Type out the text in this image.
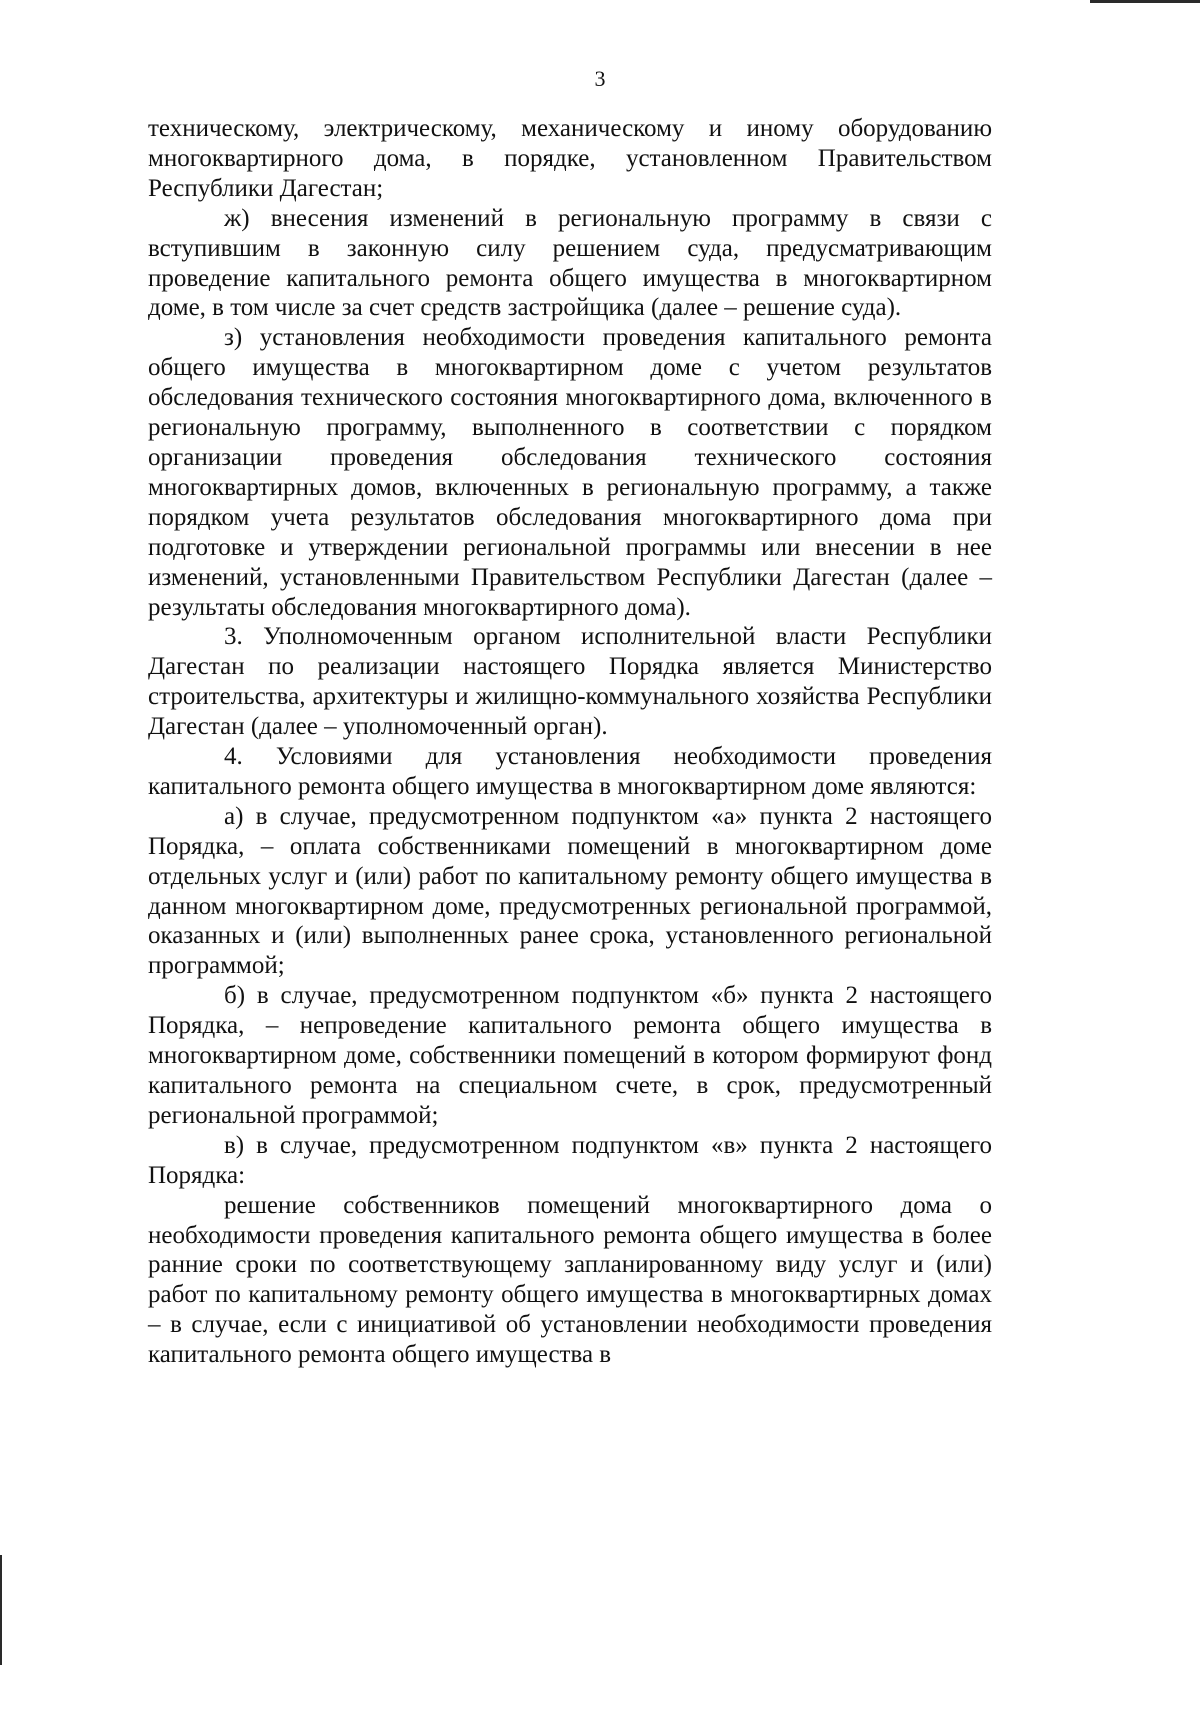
3

техническому, электрическому, механическому и иному оборудованию многоквартирного дома, в порядке, установленном Правительством Республики Дагестан;

ж) внесения изменений в региональную программу в связи с вступившим в законную силу решением суда, предусматривающим проведение капитального ремонта общего имущества в многоквартирном доме, в том числе за счет средств застройщика (далее – решение суда).

з) установления необходимости проведения капитального ремонта общего имущества в многоквартирном доме с учетом результатов обследования технического состояния многоквартирного дома, включенного в региональную программу, выполненного в соответствии с порядком организации проведения обследования технического состояния многоквартирных домов, включенных в региональную программу, а также порядком учета результатов обследования многоквартирного дома при подготовке и утверждении региональной программы или внесении в нее изменений, установленными Правительством Республики Дагестан (далее – результаты обследования многоквартирного дома).

3. Уполномоченным органом исполнительной власти Республики Дагестан по реализации настоящего Порядка является Министерство строительства, архитектуры и жилищно-коммунального хозяйства Республики Дагестан (далее – уполномоченный орган).

4. Условиями для установления необходимости проведения капитального ремонта общего имущества в многоквартирном доме являются:

а) в случае, предусмотренном подпунктом «а» пункта 2 настоящего Порядка, – оплата собственниками помещений в многоквартирном доме отдельных услуг и (или) работ по капитальному ремонту общего имущества в данном многоквартирном доме, предусмотренных региональной программой, оказанных и (или) выполненных ранее срока, установленного региональной программой;

б) в случае, предусмотренном подпунктом «б» пункта 2 настоящего Порядка, – непроведение капитального ремонта общего имущества в многоквартирном доме, собственники помещений в котором формируют фонд капитального ремонта на специальном счете, в срок, предусмотренный региональной программой;

в) в случае, предусмотренном подпунктом «в» пункта 2 настоящего Порядка:

решение собственников помещений многоквартирного дома о необходимости проведения капитального ремонта общего имущества в более ранние сроки по соответствующему запланированному виду услуг и (или) работ по капитальному ремонту общего имущества в многоквартирных домах – в случае, если с инициативой об установлении необходимости проведения капитального ремонта общего имущества в
